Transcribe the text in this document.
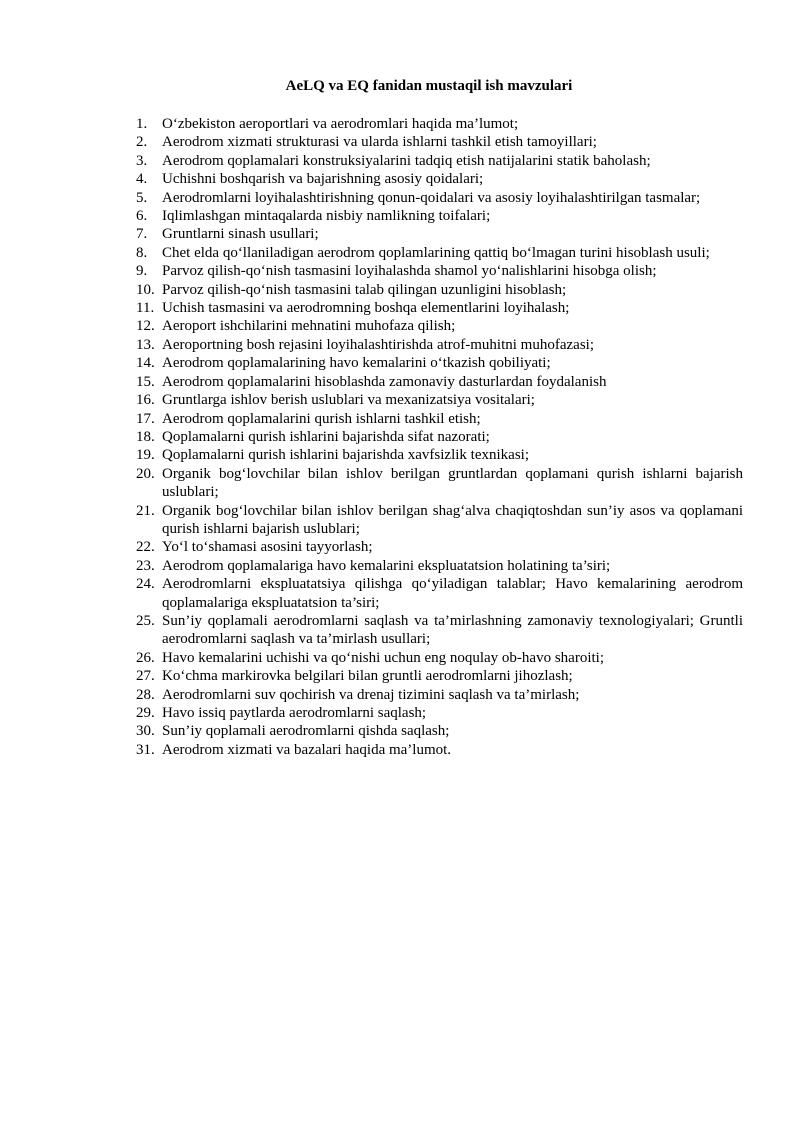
AeLQ va EQ fanidan mustaqil ish mavzulari
1. O‘zbekiston aeroportlari va aerodromlari haqida ma’lumot;
2. Aerodrom xizmati strukturasi va ularda ishlarni tashkil etish tamoyillari;
3. Aerodrom qoplamalari konstruksiyalarini tadqiq etish natijalarini statik baholash;
4. Uchishni boshqarish va bajarishning asosiy qoidalari;
5. Aerodromlarni loyihalashtirishning qonun-qoidalari va asosiy loyihalashtirilgan tasmalar;
6. Iqlimlashgan mintaqalarda nisbiy namlikning toifalari;
7. Gruntlarni sinash usullari;
8. Chet elda qo‘llaniladigan aerodrom qoplamlarining qattiq bo‘lmagan turini hisoblash usuli;
9. Parvoz qilish-qo‘nish tasmasini loyihalashda shamol yo‘nalishlarini hisobga olish;
10. Parvoz qilish-qo‘nish tasmasini talab qilingan uzunligini hisoblash;
11. Uchish tasmasini va aerodromning boshqa elementlarini loyihalash;
12. Aeroport ishchilarini mehnatini muhofaza qilish;
13. Aeroportning bosh rejasini loyihalashtirishda atrof-muhitni muhofazasi;
14. Aerodrom qoplamalarining havo kemalarini o‘tkazish qobiliyati;
15. Aerodrom qoplamalarini hisoblashda zamonaviy dasturlardan foydalanish
16. Gruntlarga ishlov berish uslublari va mexanizatsiya vositalari;
17. Aerodrom qoplamalarini qurish ishlarni tashkil etish;
18. Qoplamalarni qurish ishlarini bajarishda sifat nazorati;
19. Qoplamalarni qurish ishlarini bajarishda xavfsizlik texnikasi;
20. Organik bog‘lovchilar bilan ishlov berilgan gruntlardan qoplamani qurish ishlarni bajarish uslublari;
21. Organik bog‘lovchilar bilan ishlov berilgan shag‘alva chaqiqtoshdan sun’iy asos va qoplamani qurish ishlarni bajarish uslublari;
22. Yo‘l to‘shamasi asosini tayyorlash;
23. Aerodrom qoplamalariga havo kemalarini ekspluatatsion holatining ta’siri;
24. Aerodromlarni ekspluatatsiya qilishga qo‘yiladigan talablar; Havo kemalarining aerodrom qoplamalariga ekspluatatsion ta’siri;
25. Sun’iy qoplamali aerodromlarni saqlash va ta’mirlashning zamonaviy texnologiyalari; Gruntli aerodromlarni saqlash va ta’mirlash usullari;
26. Havo kemalarini uchishi va qo‘nishi uchun eng noqulay ob-havo sharoiti;
27. Ko‘chma markirovka belgilari bilan gruntli aerodromlarni jihozlash;
28. Aerodromlarni suv qochirish va drenaj tizimini saqlash va ta’mirlash;
29. Havo issiq paytlarda aerodromlarni saqlash;
30. Sun’iy qoplamali aerodromlarni qishda saqlash;
31. Aerodrom xizmati va bazalari haqida ma’lumot.
